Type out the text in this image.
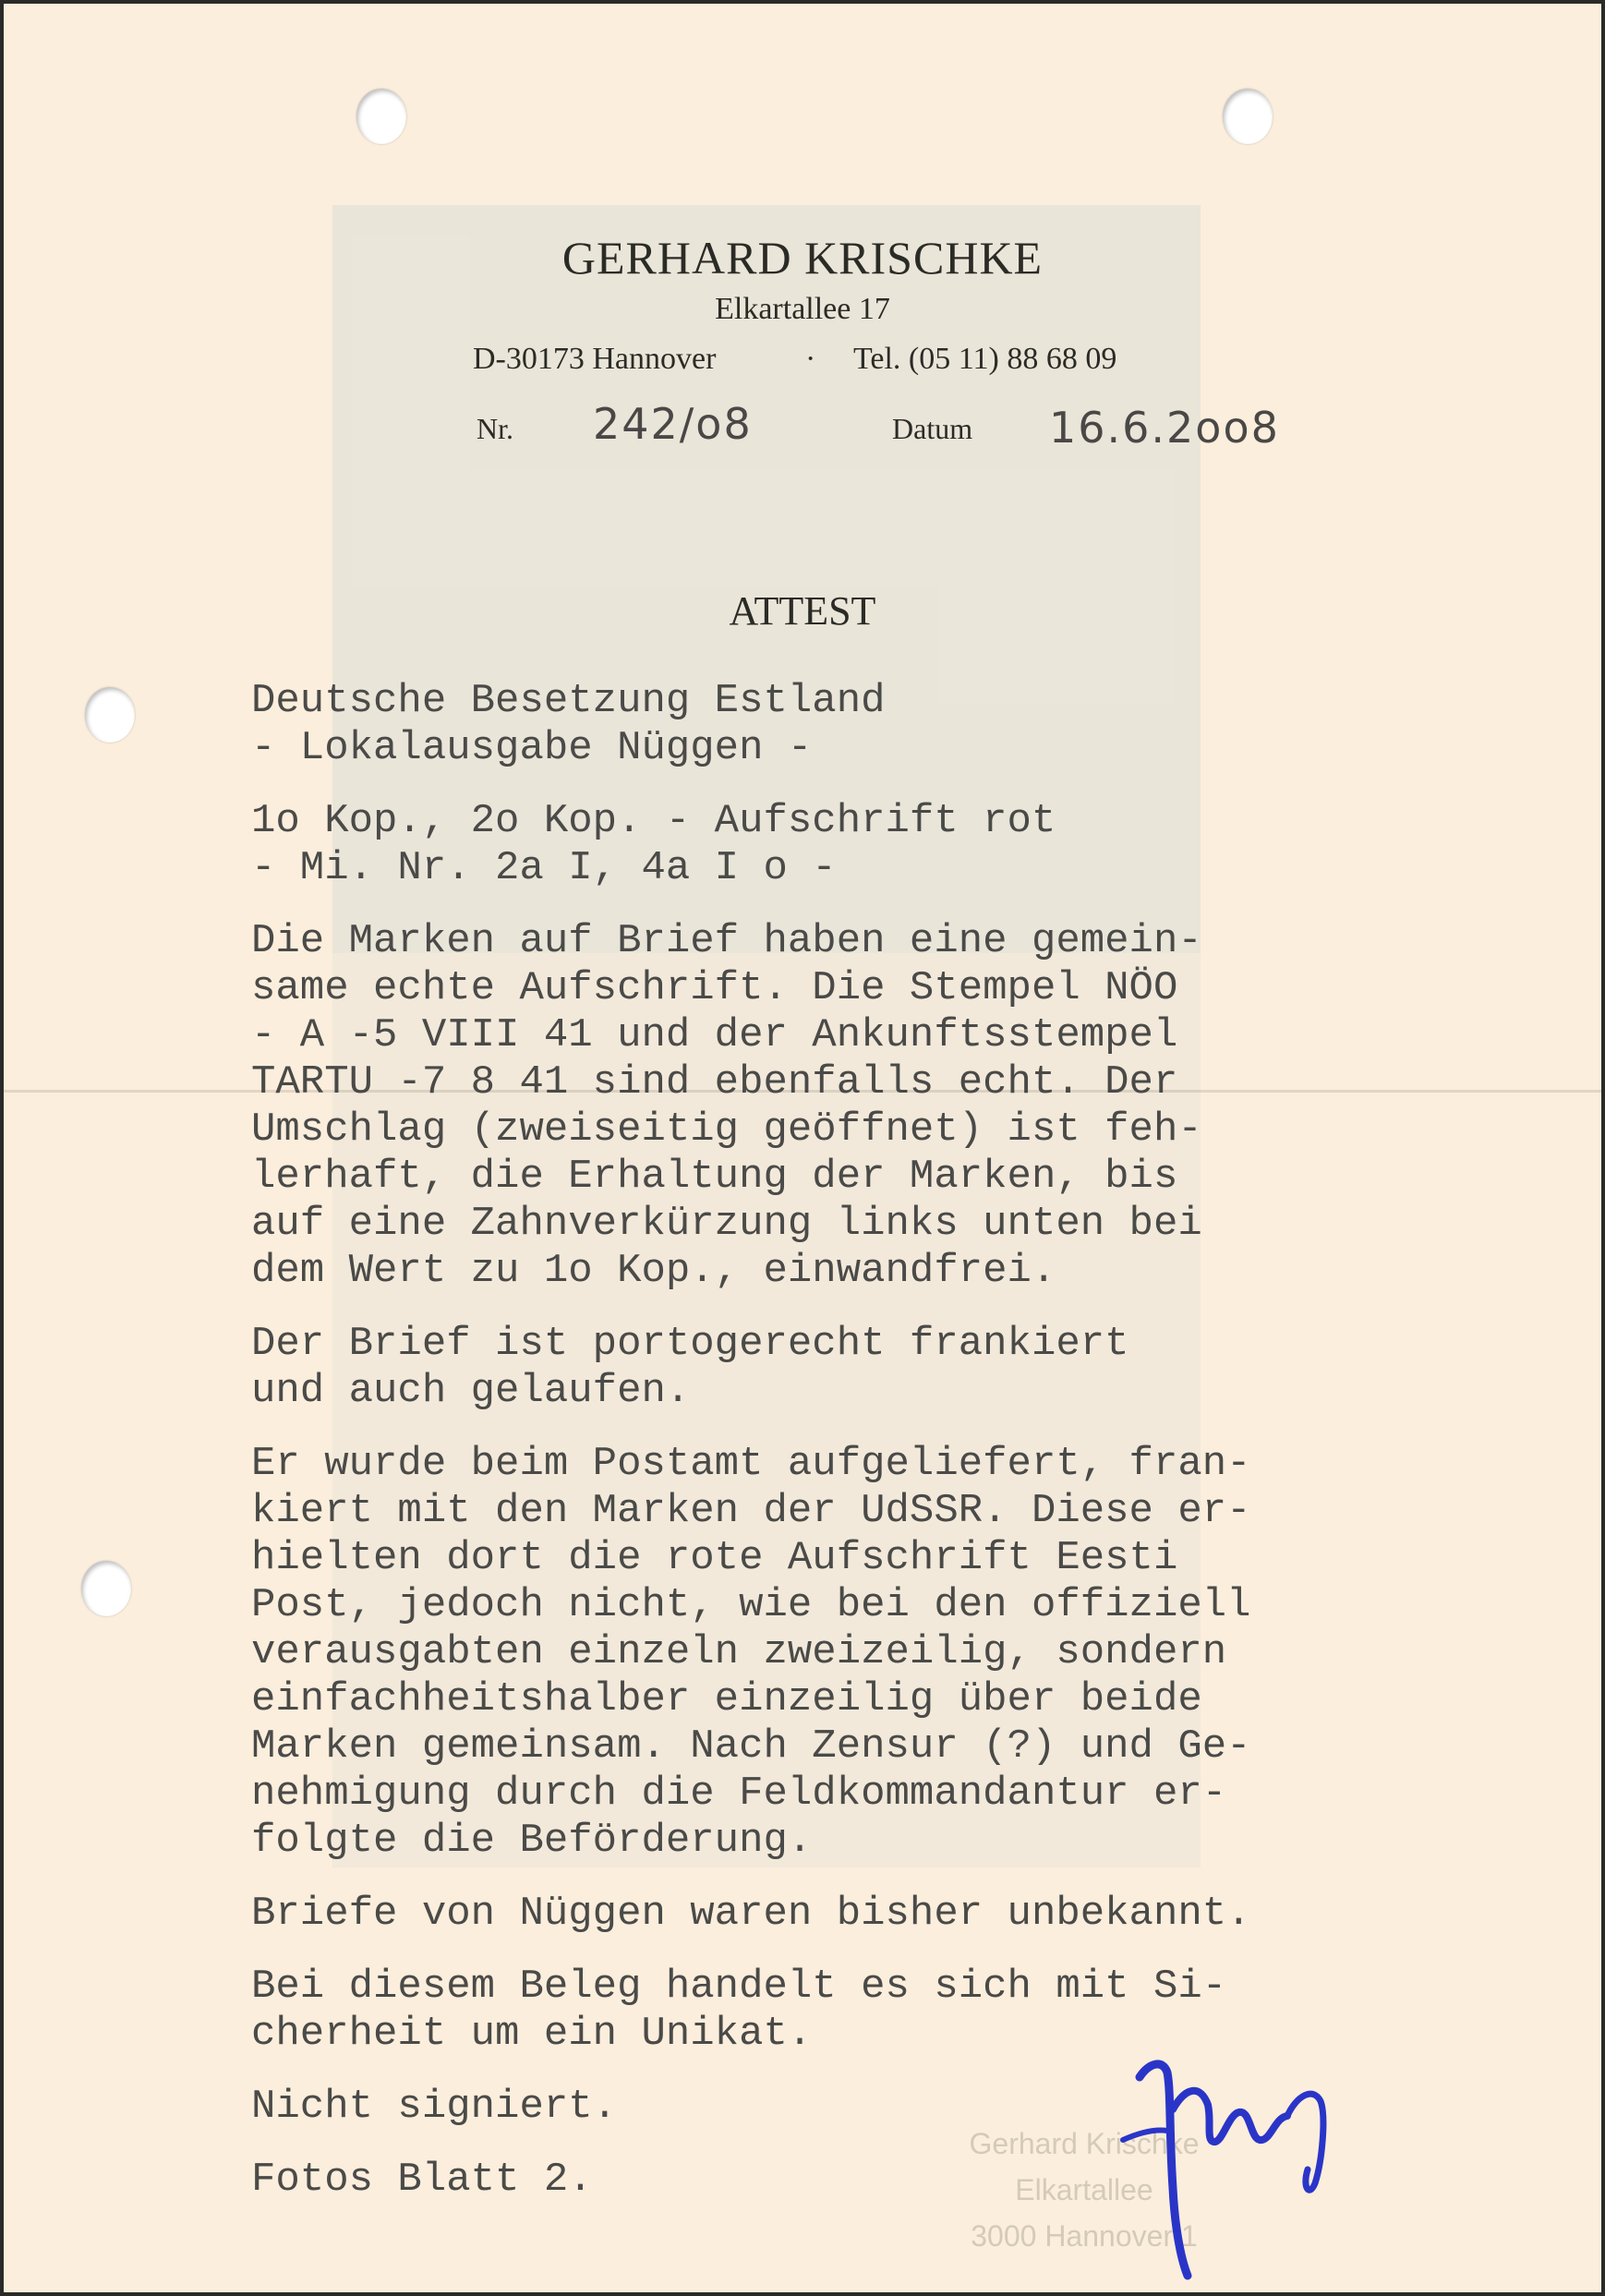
GERHARD KRISCHKE
Elkartallee 17
D-30173 Hannover	· Tel. (05 11) 88 68 09
Nr. 242/o8	Datum 16.6.2oo8
ATTEST
Deutsche Besetzung Estland
- Lokalausgabe Nüggen -
1o Kop., 2o Kop. - Aufschrift rot
- Mi. Nr. 2a I, 4a I o -
Die Marken auf Brief haben eine gemein-
same echte Aufschrift. Die Stempel NÖO
- A -5 VIII 41 und der Ankunftsstempel
TARTU -7 8 41 sind ebenfalls echt. Der
Umschlag (zweiseitig geöffnet) ist feh-
lerhaft, die Erhaltung der Marken, bis
auf eine Zahnverkürzung links unten bei
dem Wert zu 1o Kop., einwandfrei.
Der Brief ist portogerecht frankiert
und auch gelaufen.
Er wurde beim Postamt aufgeliefert, fran-
kiert mit den Marken der UdSSR. Diese er-
hielten dort die rote Aufschrift Eesti
Post, jedoch nicht, wie bei den offiziell
verausgabten einzeln zweizeilig, sondern
einfachheitshalber einzeilig über beide
Marken gemeinsam. Nach Zensur (?) und Ge-
nehmigung durch die Feldkommandantur er-
folgte die Beförderung.
Briefe von Nüggen waren bisher unbekannt.
Bei diesem Beleg handelt es sich mit Si-
cherheit um ein Unikat.
Nicht signiert.
Fotos Blatt 2.
Gerhard Krischke
Elkartallee
3000 Hannover 1
